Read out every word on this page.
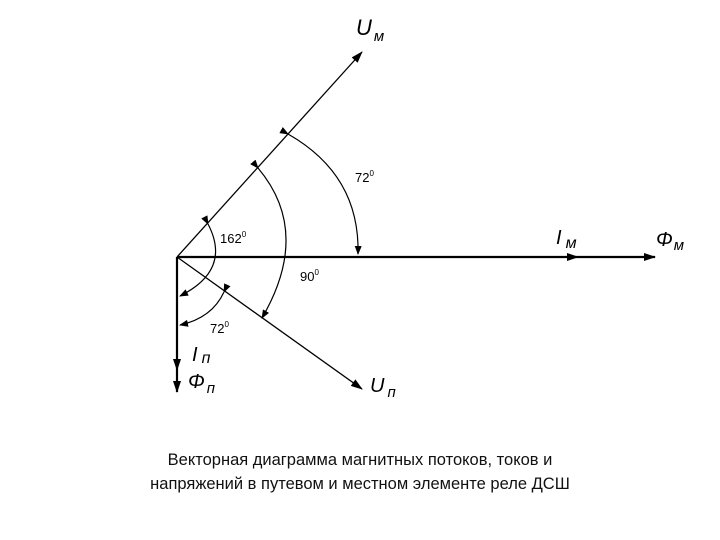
U $_м$
I $_м$	$\Phi_м$
U $_п$
I п
Φ $_п$
$72^0$
$162^0$
$90^0$
$72^0$
Векторная диаграмма магнитных потоков, токов и
напряжений в путевом и местном элементе реле ДСШ
